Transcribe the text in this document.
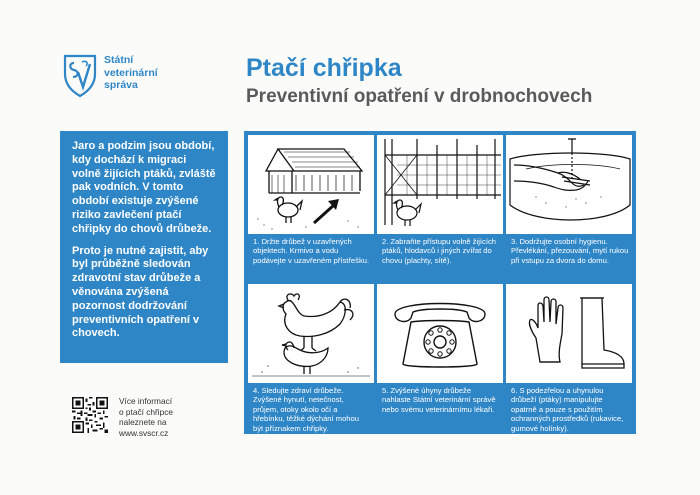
Státní
veterinární
správa
Ptačí chřipka
Preventivní opatření v drobnochovech

Jaro a podzim jsou období, kdy dochází k migraci volně žijících ptáků, zvláště pak vodních. V tomto období existuje zvýšené riziko zavlečení ptačí chřipky do chovů drůbeže.

Proto je nutné zajistit, aby byl průběžně sledován zdravotní stav drůbeže a věnována zvýšená pozornost dodržování preventivních opatření v chovech.

Více informací
o ptačí chřipce
naleznete na
www.svscr.cz
1. Držte drůbež v uzavřených objektech. Krmivo a vodu podávejte v uzavřeném přístřešku.
2. Zabraňte přístupu volně žijících ptáků, hlodavců i jiných zvířat do chovu (plachty, sítě).
3. Dodržujte osobní hygienu. Převlékání, přezouvání, mytí rukou při vstupu za dvora do domu.
4. Sledujte zdraví drůbeže. Zvýšené hynutí, netečnost, průjem, otoky okolo očí a hřebínku, těžké dýchání mohou být příznakem chřipky.
5. Zvýšené úhyny drůbeže nahlaste Státní veterinární správě nebo svému veterinárnímu lékaři.
6. S podezřelou a uhynulou drůbeží (ptáky) manipulujte opatrně a pouze s použitím ochranných prostředků (rukavice, gumové holínky).
